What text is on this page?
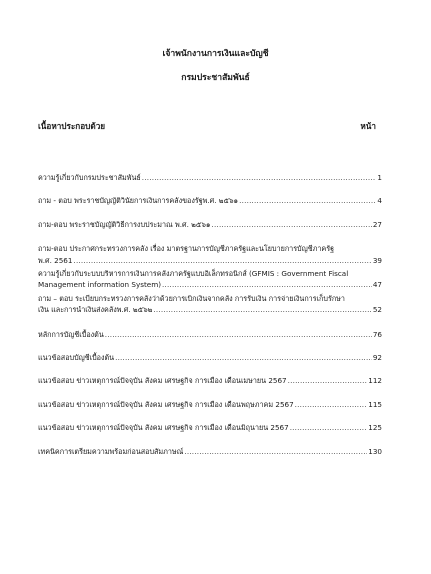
เจ้าพนักงานการเงินและบัญชี
กรมประชาสัมพันธ์
เนื้อหาประกอบด้วย	หน้า
ความรู้เกี่ยวกับกรมประชาสัมพันธ์ .....	1
ถาม - ตอบ พระราชบัญญัติวินัยการเงินการคลังของรัฐพ.ศ. ๒๕๖๑ .....	4
ถาม-ตอบ พระราชบัญญัติวิธีการงบประมาณ พ.ศ. ๒๕๖๑ .....	27
ถาม-ตอบ ประกาศกระทรวงการคลัง เรื่อง มาตรฐานการบัญชีภาครัฐและนโยบายการบัญชีภาครัฐ
พ.ศ. 2561 .....	39
ความรู้เกี่ยวกับระบบบริหารการเงินการคลังภาครัฐแบบอิเล็กทรอนิกส์ (GFMIS : Government Fiscal
Management information System) .....	47
ถาม – ตอบ ระเบียบกระทรวงการคลังว่าด้วยการเบิกเงินจากคลัง การรับเงิน การจ่ายเงินการเก็บรักษา
เงิน และการนำเงินส่งคลังพ.ศ. ๒๕๖๒ .....	52
หลักการบัญชีเบื้องต้น .....	76
แนวข้อสอบบัญชีเบื้องต้น .....	92
แนวข้อสอบ ข่าวเหตุการณ์ปัจจุบัน สังคม เศรษฐกิจ การเมือง เดือนเมษายน 2567 .....	112
แนวข้อสอบ ข่าวเหตุการณ์ปัจจุบัน สังคม เศรษฐกิจ การเมือง เดือนพฤษภาคม 2567 .....	115
แนวข้อสอบ ข่าวเหตุการณ์ปัจจุบัน สังคม เศรษฐกิจ การเมือง เดือนมิถุนายน 2567 .....	125
เทคนิคการเตรียมความพร้อมก่อนสอบสัมภาษณ์ .....	130
